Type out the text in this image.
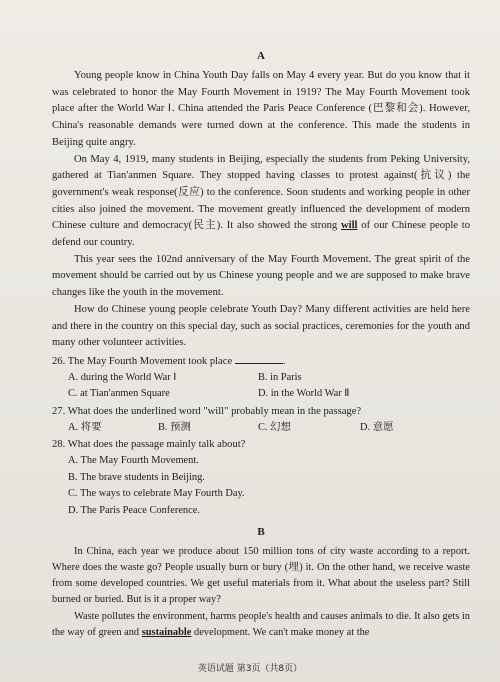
A

Young people know in China Youth Day falls on May 4 every year. But do you know that it was celebrated to honor the May Fourth Movement in 1919? The May Fourth Movement took place after the World War Ⅰ. China attended the Paris Peace Conference (巴黎和会). However, China's reasonable demands were turned down at the conference. This made the students in Beijing quite angry.

On May 4, 1919, many students in Beijing, especially the students from Peking University, gathered at Tian'anmen Square. They stopped having classes to protest against(抗议) the government's weak response(反应) to the conference. Soon students and working people in other cities also joined the movement. The movement greatly influenced the development of modern Chinese culture and democracy(民主). It also showed the strong will of our Chinese people to defend our country.

This year sees the 102nd anniversary of the May Fourth Movement. The great spirit of the movement should be carried out by us Chinese young people and we are supposed to make brave changes like the youth in the movement.

How do Chinese young people celebrate Youth Day? Many different activities are held here and there in the country on this special day, such as social practices, ceremonies for the youth and many other volunteer activities.

26. The May Fourth Movement took place	.
A. during the World War Ⅰ	B. in Paris
C. at Tian'anmen Square	D. in the World War Ⅱ
27. What does the underlined word "will" probably mean in the passage?
A. 将要	B. 预测	C. 幻想	D. 意愿
28. What does the passage mainly talk about?
A. The May Fourth Movement.
B. The brave students in Beijing.
C. The ways to celebrate May Fourth Day.
D. The Paris Peace Conference.
B

In China, each year we produce about 150 million tons of city waste according to a report. Where does the waste go? People usually burn or bury (埋) it. On the other hand, we receive waste from some developed countries. We get useful materials from it. What about the useless part? Still burned or buried. But is it a proper way?

Waste pollutes the environment, harms people's health and causes animals to die. It also gets in the way of green and sustainable development. We can't make money at the

英语试题 第3页（共8页）
